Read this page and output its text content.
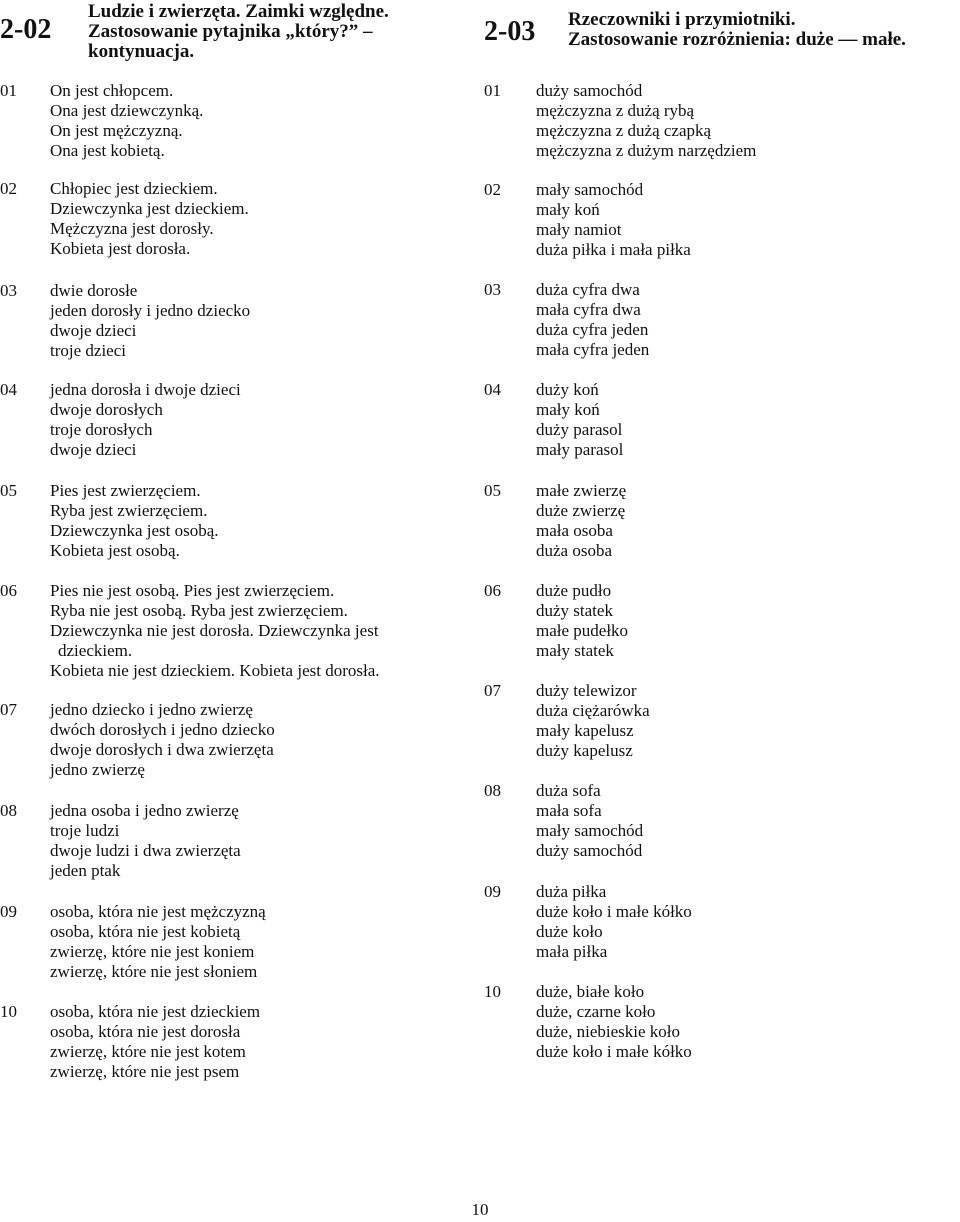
2-02
Ludzie i zwierzęta. Zaimki względne.
Zastosowanie pytajnika „który?” –
kontynuacja.
01 On jest chłopcem.
Ona jest dziewczynką.
On jest mężczyzną.
Ona jest kobietą.
02 Chłopiec jest dzieckiem.
Dziewczynka jest dzieckiem.
Mężczyzna jest dorosły.
Kobieta jest dorosła.
03 dwie dorosłe
jeden dorosły i jedno dziecko
dwoje dzieci
troje dzieci
04 jedna dorosła i dwoje dzieci
dwoje dorosłych
troje dorosłych
dwoje dzieci
05 Pies jest zwierzęciem.
Ryba jest zwierzęciem.
Dziewczynka jest osobą.
Kobieta jest osobą.
06 Pies nie jest osobą. Pies jest zwierzęciem.
Ryba nie jest osobą. Ryba jest zwierzęciem.
Dziewczynka nie jest dorosła. Dziewczynka jest
dzieckiem.
Kobieta nie jest dzieckiem. Kobieta jest dorosła.
07 jedno dziecko i jedno zwierzę
dwóch dorosłych i jedno dziecko
dwoje dorosłych i dwa zwierzęta
jedno zwierzę
08 jedna osoba i jedno zwierzę
troje ludzi
dwoje ludzi i dwa zwierzęta
jeden ptak
09 osoba, która nie jest mężczyzną
osoba, która nie jest kobietą
zwierzę, które nie jest koniem
zwierzę, które nie jest słoniem
10 osoba, która nie jest dzieckiem
osoba, która nie jest dorosła
zwierzę, które nie jest kotem
zwierzę, które nie jest psem
2-03 Rzeczowniki i przymiotniki.
Zastosowanie rozróżnienia: duże — małe.
01 duży samochód
mężczyzna z dużą rybą
mężczyzna z dużą czapką
mężczyzna z dużym narzędziem
02 mały samochód
mały koń
mały namiot
duża piłka i mała piłka
03 duża cyfra dwa
mała cyfra dwa
duża cyfra jeden
mała cyfra jeden
04 duży koń
mały koń
duży parasol
mały parasol
05 małe zwierzę
duże zwierzę
mała osoba
duża osoba
06 duże pudło
duży statek
małe pudełko
mały statek
07 duży telewizor
duża ciężarówka
mały kapelusz
duży kapelusz
08 duża sofa
mała sofa
mały samochód
duży samochód
09 duża piłka
duże koło i małe kółko
duże koło
mała piłka
10 duże, białe koło
duże, czarne koło
duże, niebieskie koło
duże koło i małe kółko
10
